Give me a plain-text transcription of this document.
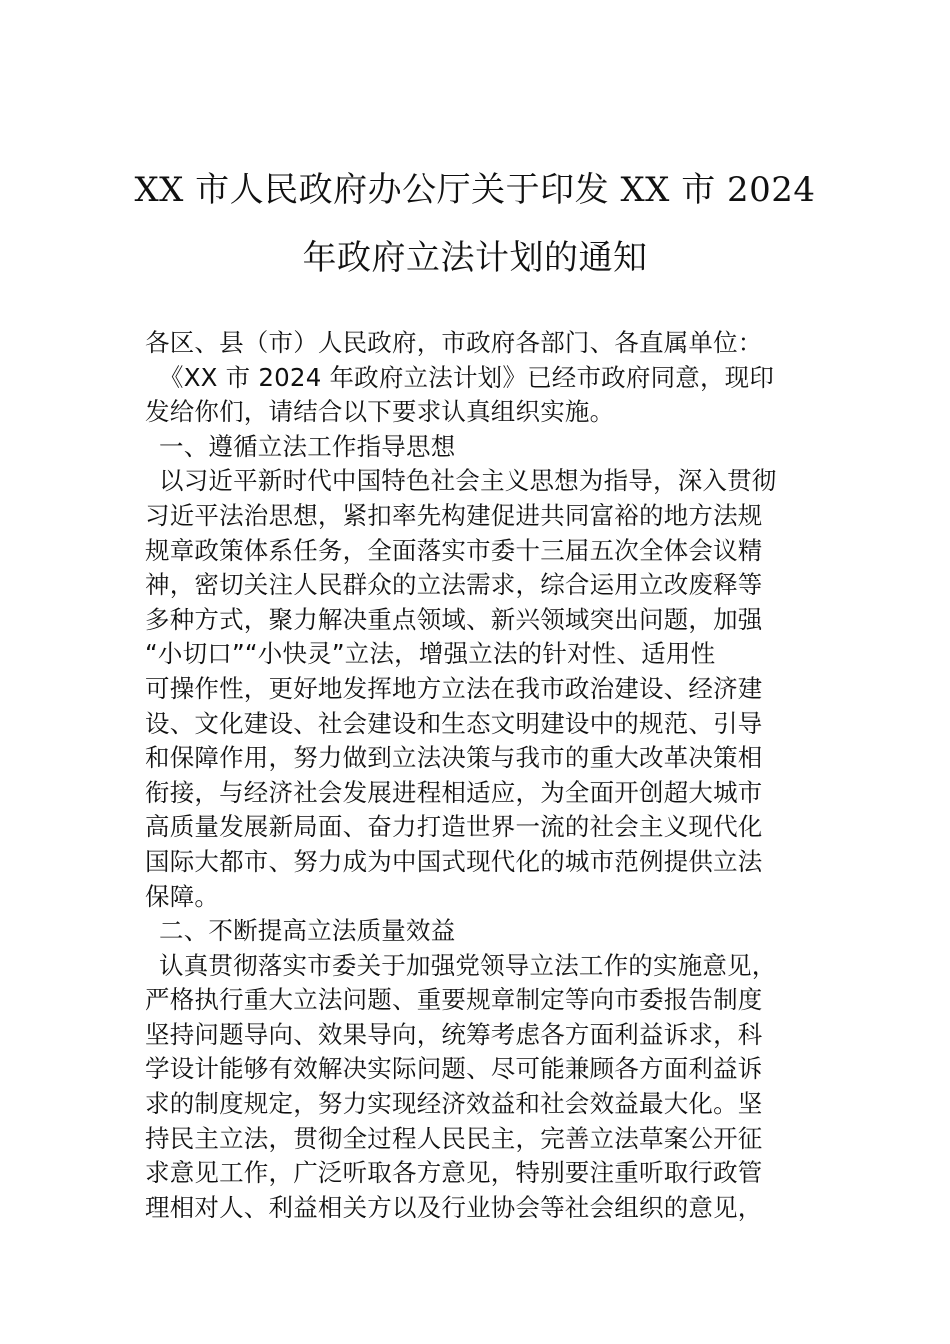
XX 市人民政府办公厅关于印发 XX 市 2024
年政府立法计划的通知

各区、县（市）人民政府，市政府各部门、各直属单位：

《XX 市 2024 年政府立法计划》已经市政府同意，现印

发给你们，请结合以下要求认真组织实施。

一、遵循立法工作指导思想

以习近平新时代中国特色社会主义思想为指导，深入贯彻

习近平法治思想，紧扣率先构建促进共同富裕的地方法规

规章政策体系任务，全面落实市委十三届五次全体会议精

神，密切关注人民群众的立法需求，综合运用立改废释等

多种方式，聚力解决重点领域、新兴领域突出问题，加强

“小切口”“小快灵”立法，增强立法的针对性、适用性

可操作性，更好地发挥地方立法在我市政治建设、经济建

设、文化建设、社会建设和生态文明建设中的规范、引导

和保障作用，努力做到立法决策与我市的重大改革决策相

衔接，与经济社会发展进程相适应，为全面开创超大城市

高质量发展新局面、奋力打造世界一流的社会主义现代化

国际大都市、努力成为中国式现代化的城市范例提供立法

保障。

二、不断提高立法质量效益

认真贯彻落实市委关于加强党领导立法工作的实施意见，

严格执行重大立法问题、重要规章制定等向市委报告制度

坚持问题导向、效果导向，统筹考虑各方面利益诉求，科

学设计能够有效解决实际问题、尽可能兼顾各方面利益诉

求的制度规定，努力实现经济效益和社会效益最大化。坚

持民主立法，贯彻全过程人民民主，完善立法草案公开征

求意见工作，广泛听取各方意见，特别要注重听取行政管

理相对人、利益相关方以及行业协会等社会组织的意见，
